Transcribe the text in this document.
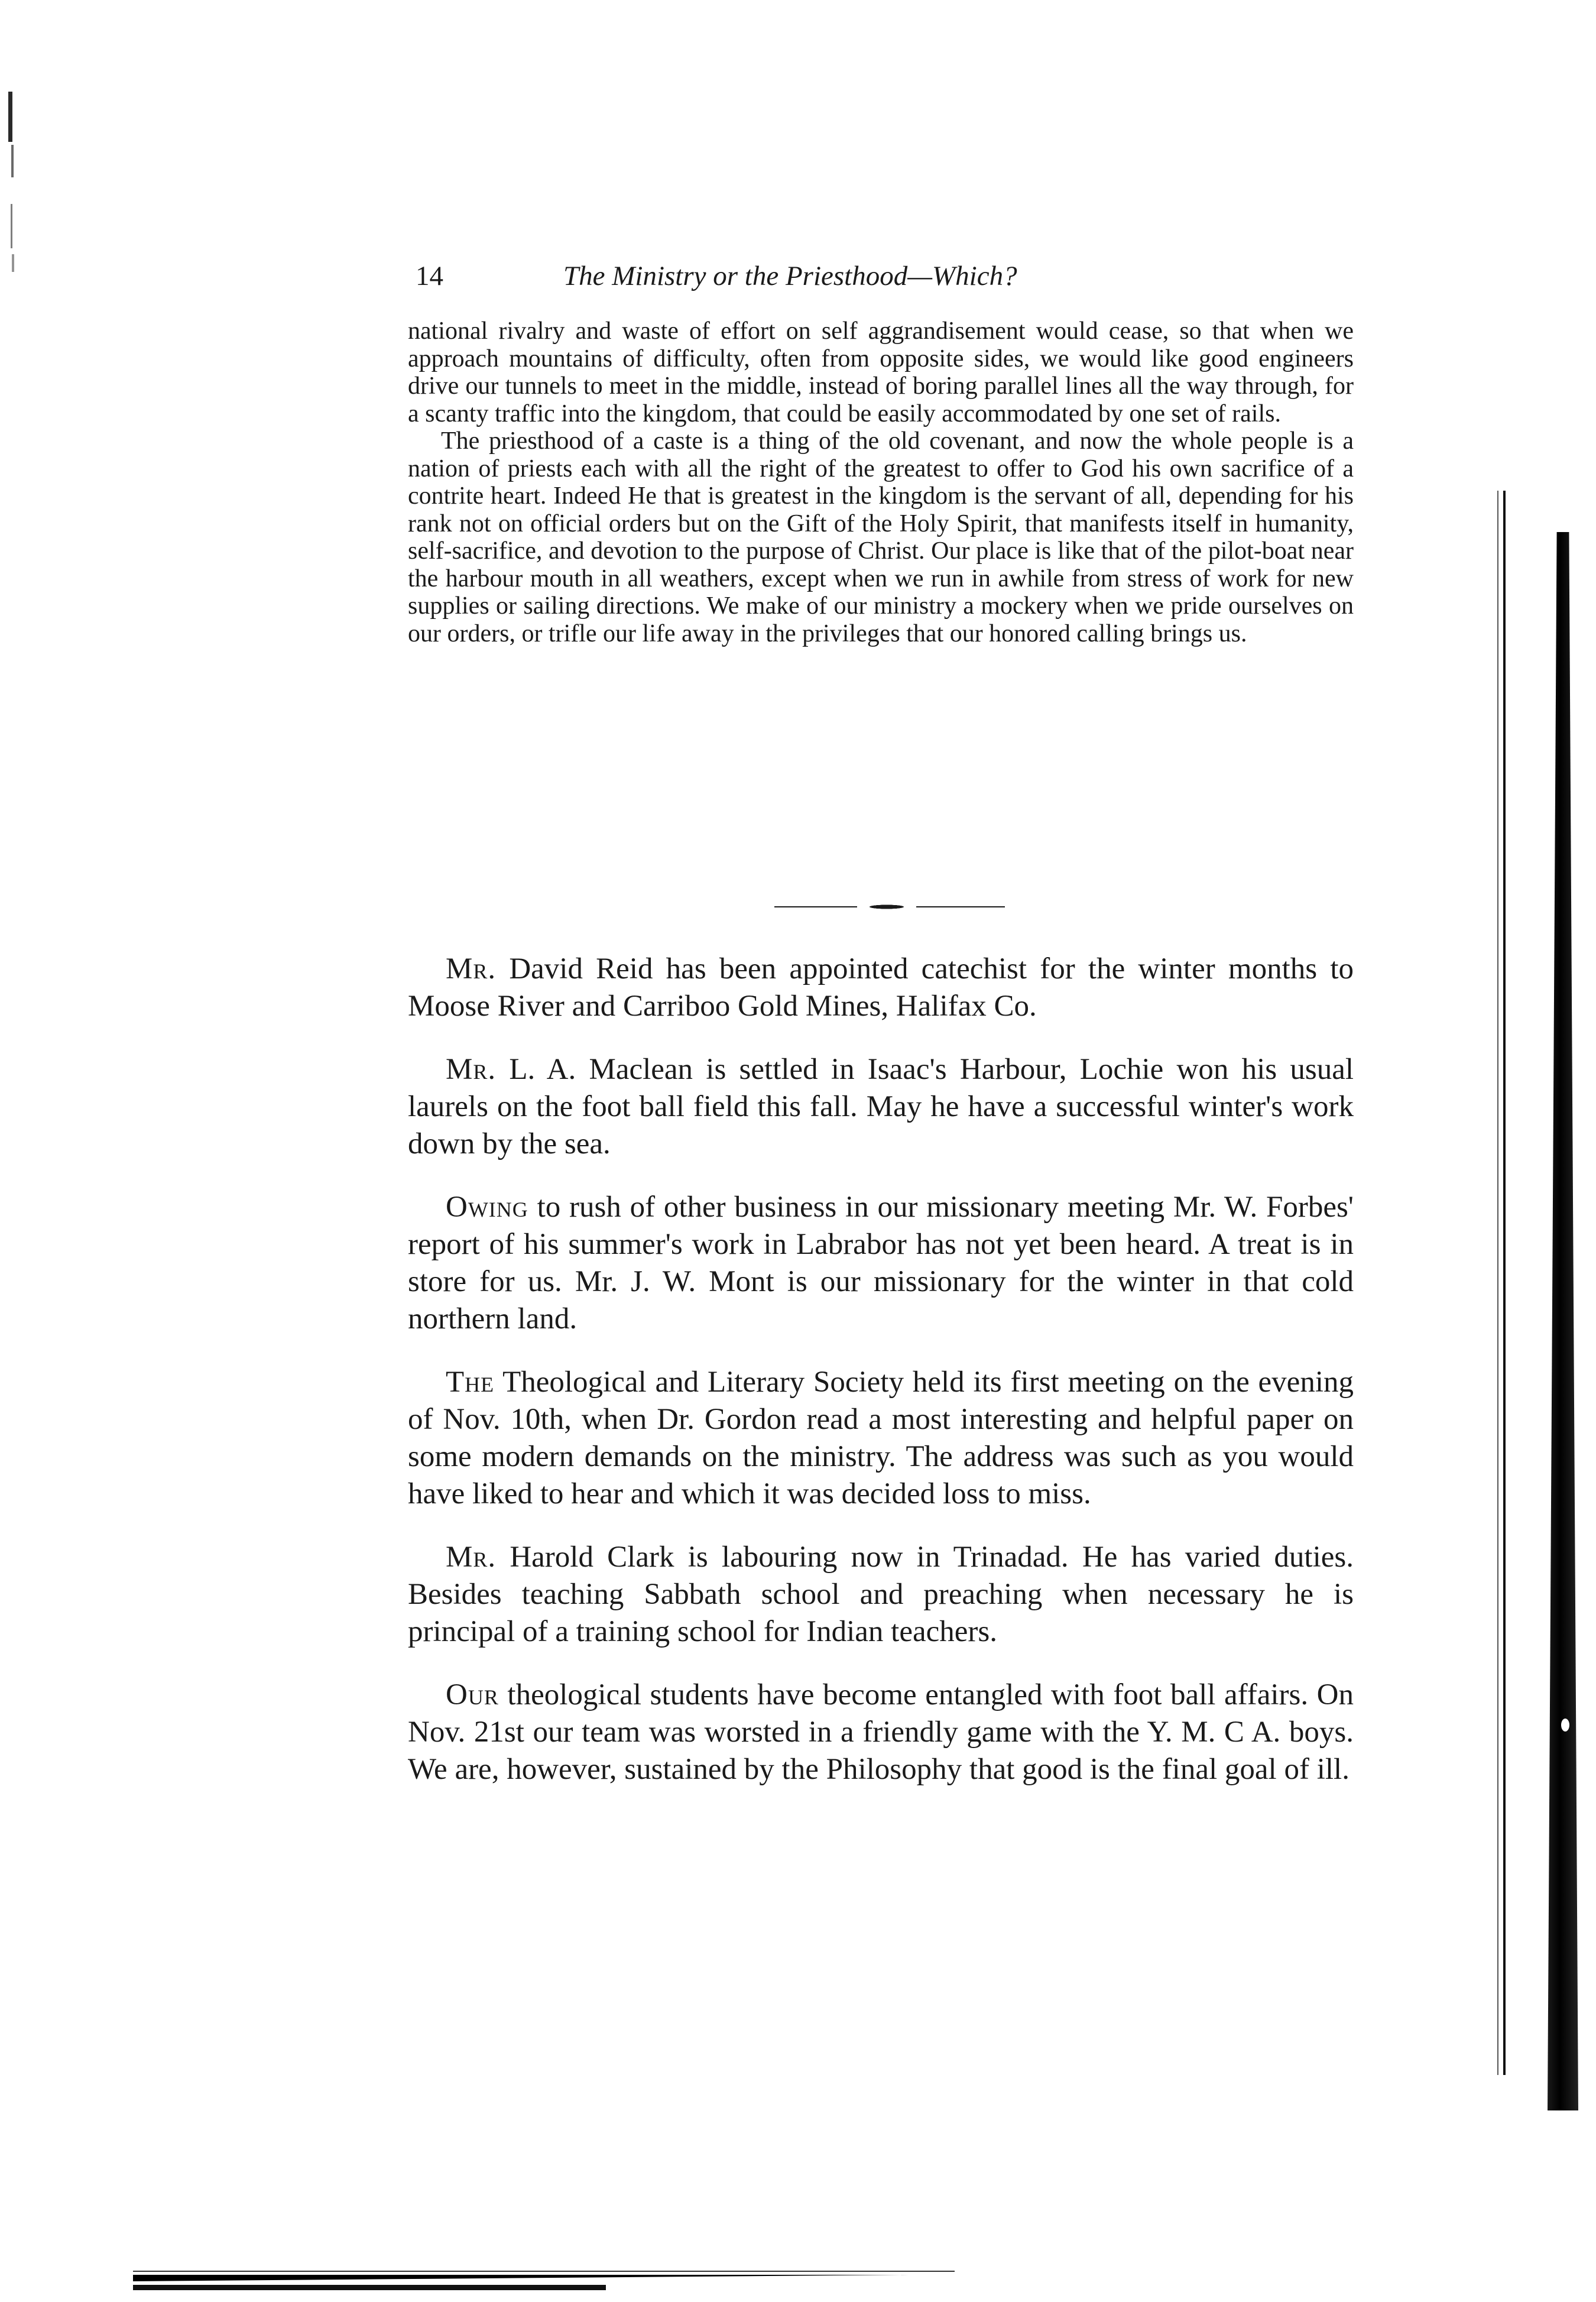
14	The Ministry or the Priesthood—Which?

national rivalry and waste of effort on self aggrandisement would cease, so that when we approach mountains of difficulty, often from opposite sides, we would like good engineers drive our tunnels to meet in the middle, instead of boring parallel lines all the way through, for a scanty traffic into the kingdom, that could be easily accommodated by one set of rails.

The priesthood of a caste is a thing of the old covenant, and now the whole people is a nation of priests each with all the right of the greatest to offer to God his own sacrifice of a contrite heart. Indeed He that is greatest in the kingdom is the servant of all, depending for his rank not on official orders but on the Gift of the Holy Spirit, that manifests itself in humanity, self-sacrifice, and devotion to the purpose of Christ. Our place is like that of the pilot-boat near the harbour mouth in all weathers, except when we run in awhile from stress of work for new supplies or sailing directions. We make of our ministry a mockery when we pride ourselves on our orders, or trifle our life away in the privileges that our honored calling brings us.

Mr. David Reid has been appointed catechist for the winter months to Moose River and Carriboo Gold Mines, Halifax Co.

Mr. L. A. Maclean is settled in Isaac's Harbour, Lochie won his usual laurels on the foot ball field this fall. May he have a successful winter's work down by the sea.

Owing to rush of other business in our missionary meeting Mr. W. Forbes' report of his summer's work in Labrabor has not yet been heard. A treat is in store for us. Mr. J. W. Mont is our missionary for the winter in that cold northern land.

The Theological and Literary Society held its first meeting on the evening of Nov. 10th, when Dr. Gordon read a most interesting and helpful paper on some modern demands on the ministry. The address was such as you would have liked to hear and which it was decided loss to miss.

Mr. Harold Clark is labouring now in Trinadad. He has varied duties. Besides teaching Sabbath school and preaching when necessary he is principal of a training school for Indian teachers.

Our theological students have become entangled with foot ball affairs. On Nov. 21st our team was worsted in a friendly game with the Y. M. C A. boys. We are, however, sustained by the Philosophy that good is the final goal of ill.
